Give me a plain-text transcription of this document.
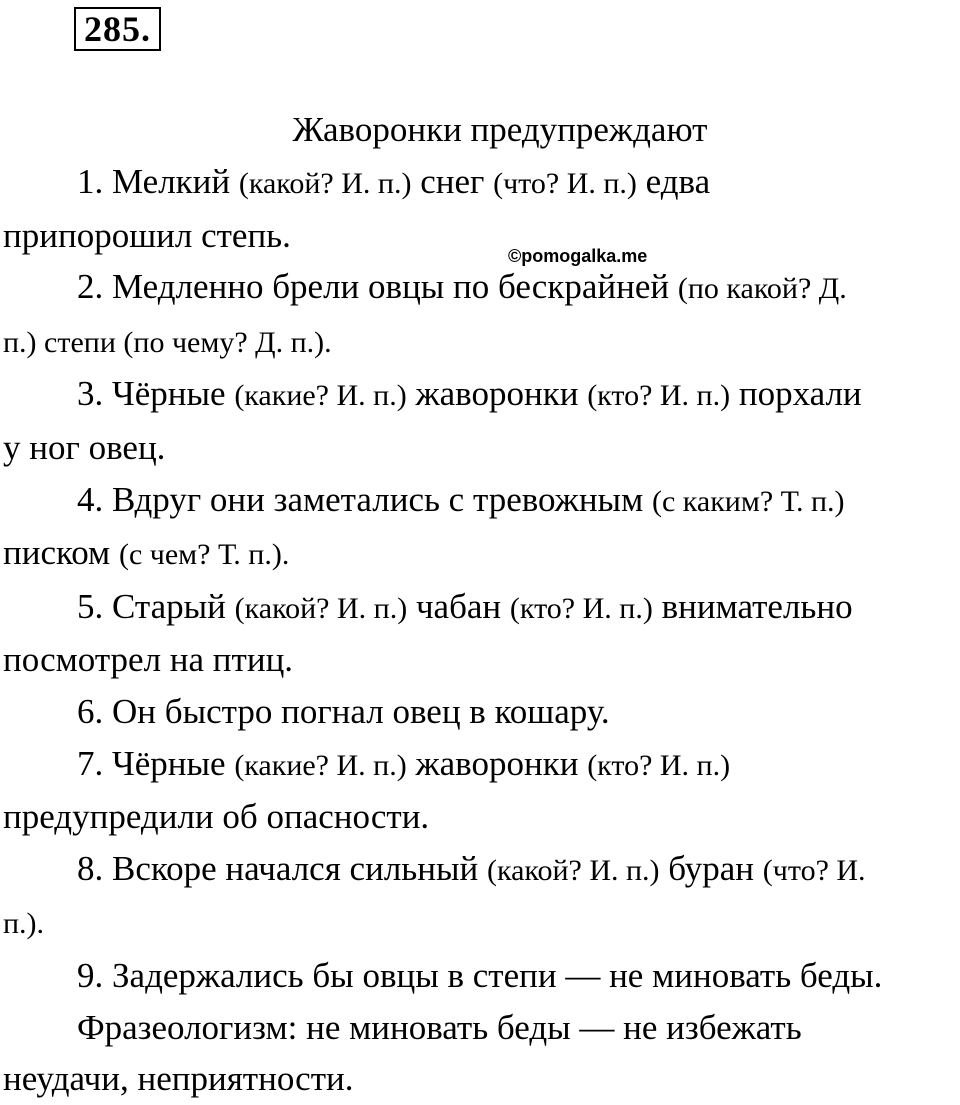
285.
Жаворонки предупреждают
©pomogalka.me
1. Мелкий (какой? И. п.) снег (что? И. п.) едва
припорошил степь.
2. Медленно брели овцы по бескрайней (по какой? Д.
п.) степи (по чему? Д. п.).
3. Чёрные (какие? И. п.) жаворонки (кто? И. п.) порхали
у ног овец.
4. Вдруг они заметались с тревожным (с каким? Т. п.)
писком (с чем? Т. п.).
5. Старый (какой? И. п.) чабан (кто? И. п.) внимательно
посмотрел на птиц.
6. Он быстро погнал овец в кошару.
7. Чёрные (какие? И. п.) жаворонки (кто? И. п.)
предупредили об опасности.
8. Вскоре начался сильный (какой? И. п.) буран (что? И.
п.).
9. Задержались бы овцы в степи — не миновать беды.
Фразеологизм: не миновать беды — не избежать
неудачи, неприятности.
